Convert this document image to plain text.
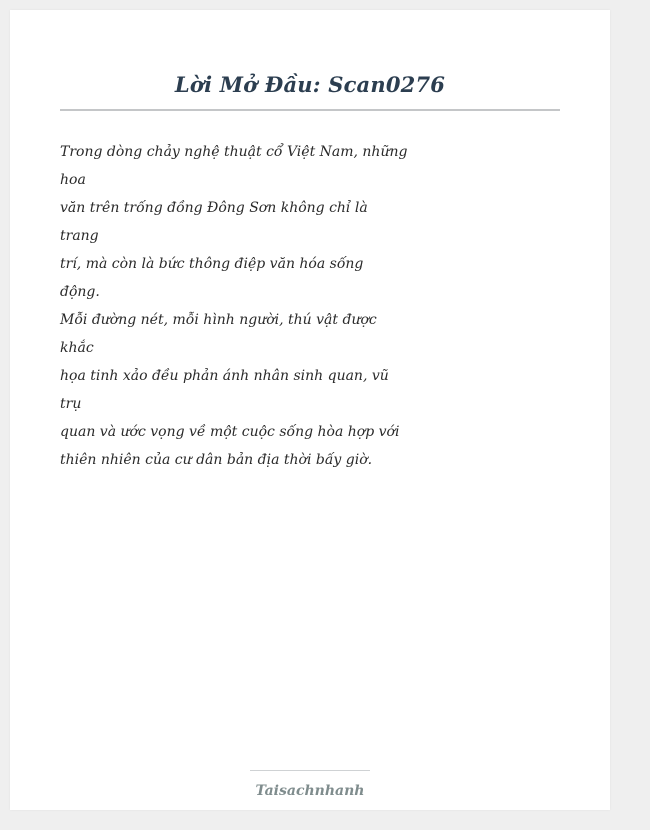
Lời Mở Đầu: Scan0276
Trong dòng chảy nghệ thuật cổ Việt Nam, những
hoa
văn trên trống đồng Đông Sơn không chỉ là
trang
trí, mà còn là bức thông điệp văn hóa sống
động.
Mỗi đường nét, mỗi hình người, thú vật được
khắc
họa tinh xảo đều phản ánh nhân sinh quan, vũ
trụ
quan và ước vọng về một cuộc sống hòa hợp với
thiên nhiên của cư dân bản địa thời bấy giờ.
Taisachnhanh
